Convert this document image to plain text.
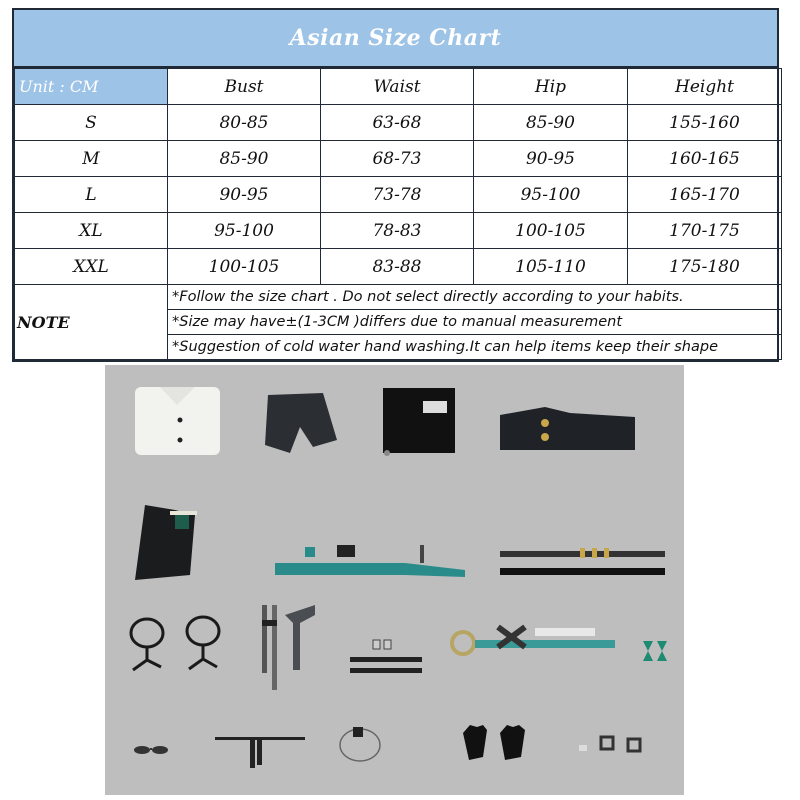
Asian Size Chart
Unit : CM	Bust	Waist	Hip	Height
S	80-85	63-68	85-90	155-160
M	85-90	68-73	90-95	160-165
L	90-95	73-78	95-100	165-170
XL	95-100	78-83	100-105	170-175
XXL	100-105	83-88	105-110	175-180
NOTE	*Follow the size chart . Do not select directly according to your habits.			
	*Size may have±(1-3CM )differs due to manual measurement			
	*Suggestion of cold water hand washing.It can help items keep their shape			
